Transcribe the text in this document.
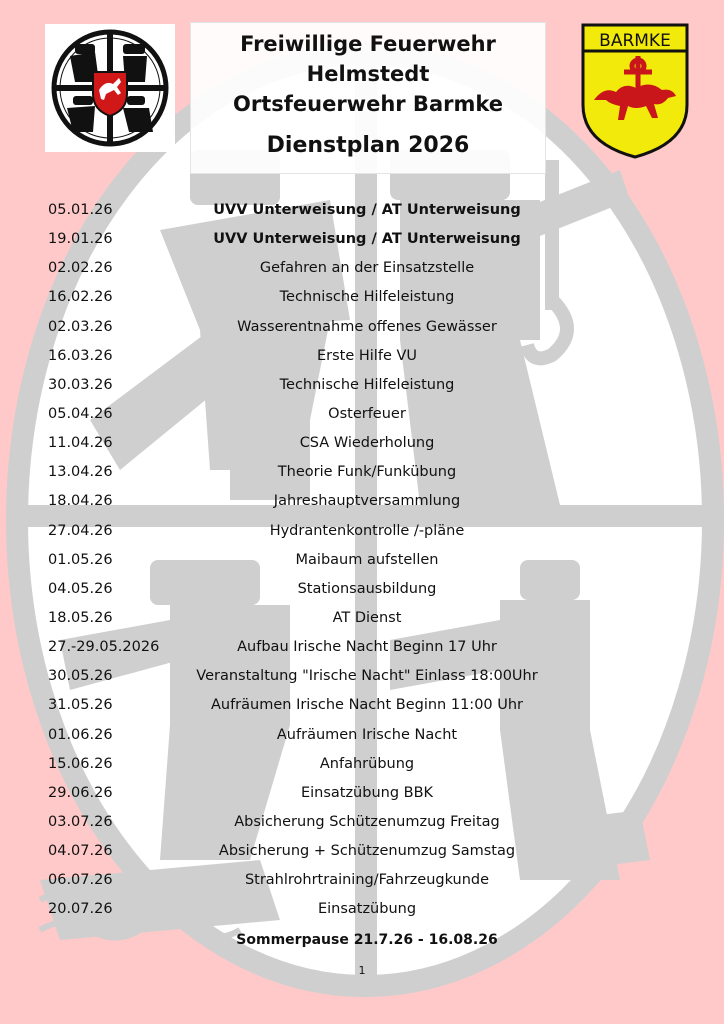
BARMKE
Freiwillige Feuerwehr
Helmstedt
Ortsfeuerwehr Barmke
Dienstplan 2026
05.01.26	UVV Unterweisung / AT Unterweisung
19.01.26	UVV Unterweisung / AT Unterweisung
02.02.26	Gefahren an der Einsatzstelle
16.02.26	Technische Hilfeleistung
02.03.26	Wasserentnahme offenes Gewässer
16.03.26	Erste Hilfe VU
30.03.26	Technische Hilfeleistung
05.04.26	Osterfeuer
11.04.26	CSA Wiederholung
13.04.26	Theorie Funk/Funkübung
18.04.26	Jahreshauptversammlung
27.04.26	Hydrantenkontrolle /-pläne
01.05.26	Maibaum aufstellen
04.05.26	Stationsausbildung
18.05.26	AT Dienst
27.-29.05.2026	Aufbau Irische Nacht Beginn 17 Uhr
30.05.26	Veranstaltung "Irische Nacht" Einlass 18:00Uhr
31.05.26	Aufräumen Irische Nacht Beginn 11:00 Uhr
01.06.26	Aufräumen Irische Nacht
15.06.26	Anfahrübung
29.06.26	Einsatzübung BBK
03.07.26	Absicherung Schützenumzug Freitag
04.07.26	Absicherung + Schützenumzug Samstag
06.07.26	Strahlrohrtraining/Fahrzeugkunde
20.07.26	Einsatzübung
Sommerpause 21.7.26 - 16.08.26
1
